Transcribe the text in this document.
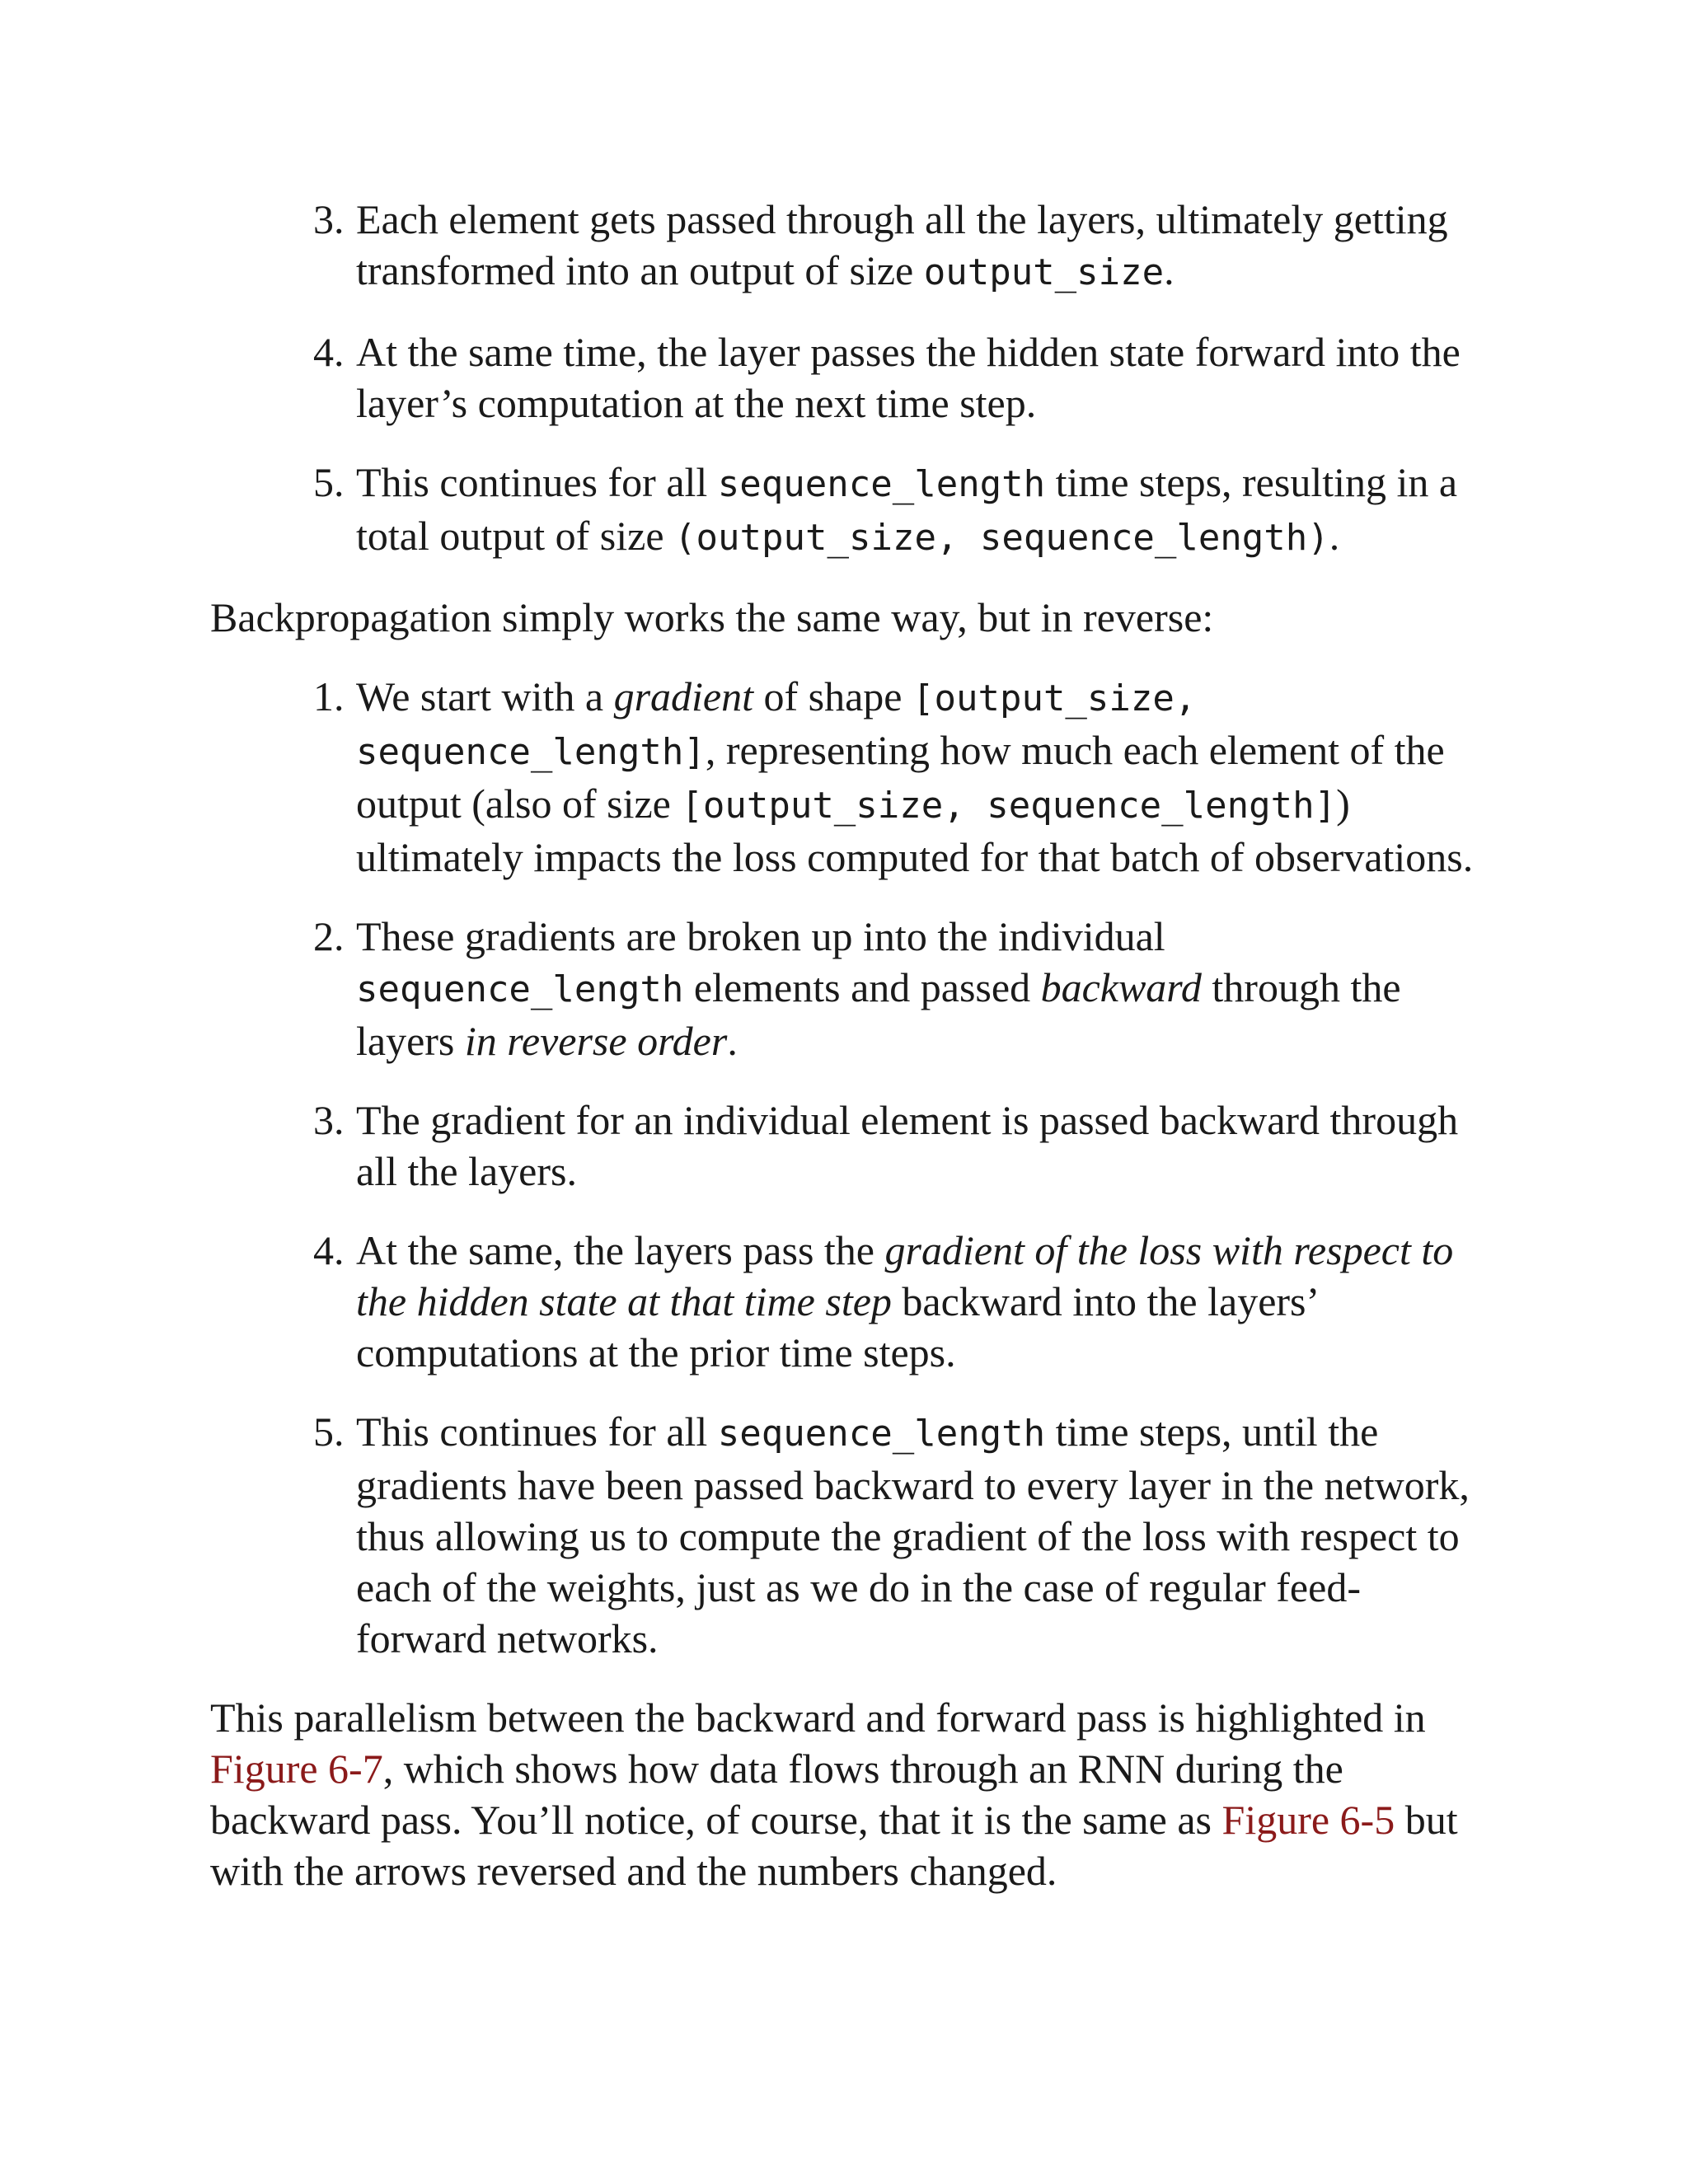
3. Each element gets passed through all the layers, ultimately getting transformed into an output of size output_size.
4. At the same time, the layer passes the hidden state forward into the layer’s computation at the next time step.
5. This continues for all sequence_length time steps, resulting in a total output of size (output_size, sequence_length).

Backpropagation simply works the same way, but in reverse:

1. We start with a gradient of shape [output_size, sequence_length], representing how much each element of the output (also of size [output_size, sequence_length]) ultimately impacts the loss computed for that batch of observations.
2. These gradients are broken up into the individual sequence_length elements and passed backward through the layers in reverse order.
3. The gradient for an individual element is passed backward through all the layers.
4. At the same, the layers pass the gradient of the loss with respect to the hidden state at that time step backward into the layers’ computations at the prior time steps.
5. This continues for all sequence_length time steps, until the gradients have been passed backward to every layer in the network, thus allowing us to compute the gradient of the loss with respect to each of the weights, just as we do in the case of regular feed-forward networks.

This parallelism between the backward and forward pass is highlighted in Figure 6-7, which shows how data flows through an RNN during the backward pass. You’ll notice, of course, that it is the same as Figure 6-5 but with the arrows reversed and the numbers changed.
